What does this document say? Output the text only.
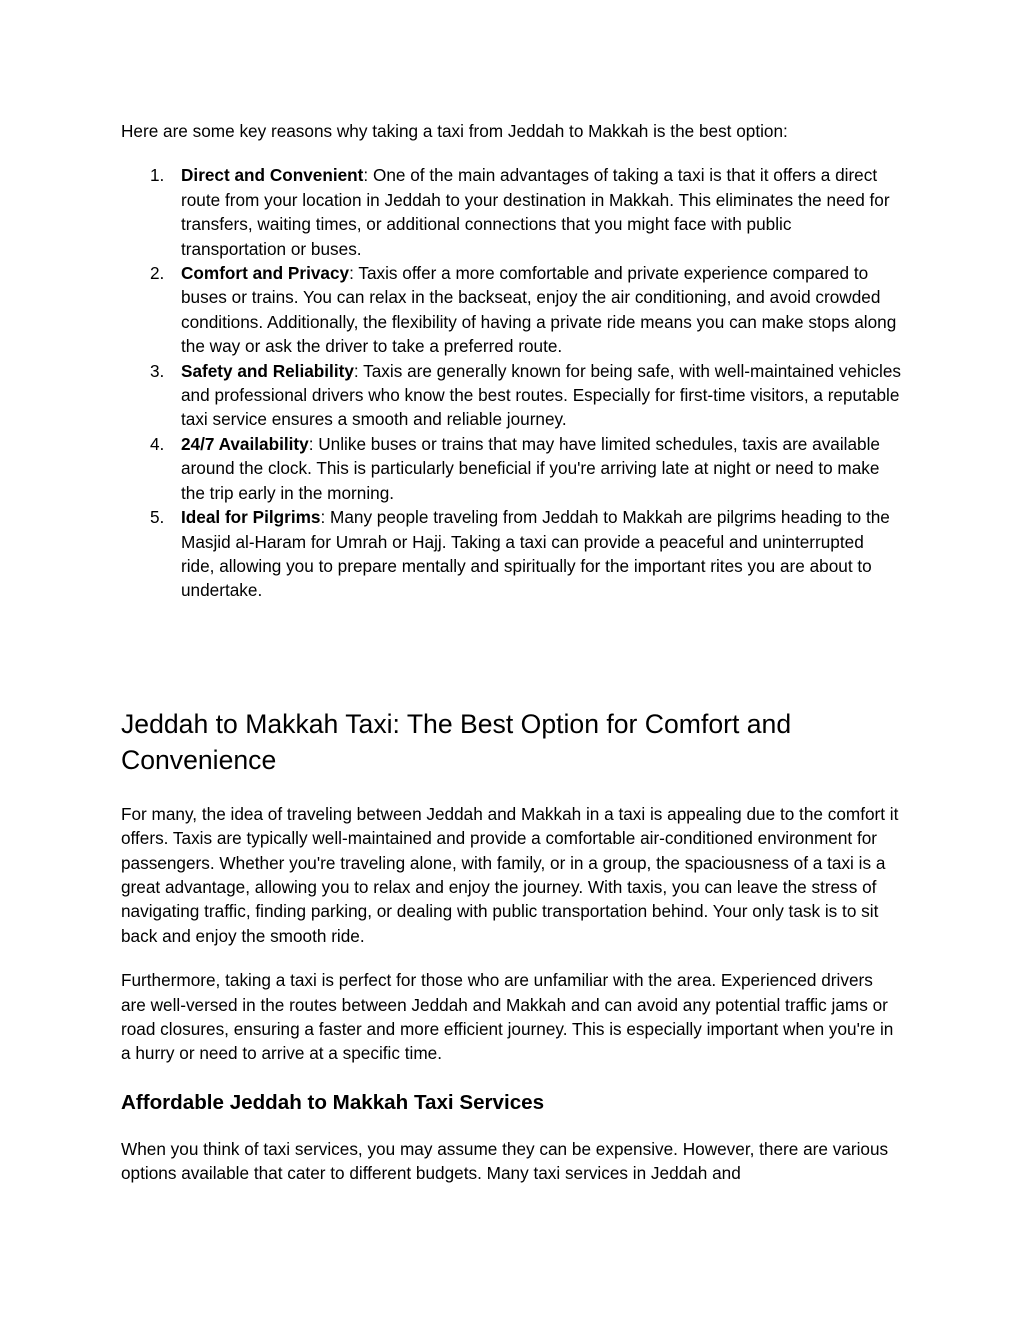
Here are some key reasons why taking a taxi from Jeddah to Makkah is the best option:

1. Direct and Convenient: One of the main advantages of taking a taxi is that it offers a direct route from your location in Jeddah to your destination in Makkah. This eliminates the need for transfers, waiting times, or additional connections that you might face with public transportation or buses.
2. Comfort and Privacy: Taxis offer a more comfortable and private experience compared to buses or trains. You can relax in the backseat, enjoy the air conditioning, and avoid crowded conditions. Additionally, the flexibility of having a private ride means you can make stops along the way or ask the driver to take a preferred route.
3. Safety and Reliability: Taxis are generally known for being safe, with well-maintained vehicles and professional drivers who know the best routes. Especially for first-time visitors, a reputable taxi service ensures a smooth and reliable journey.
4. 24/7 Availability: Unlike buses or trains that may have limited schedules, taxis are available around the clock. This is particularly beneficial if you're arriving late at night or need to make the trip early in the morning.
5. Ideal for Pilgrims: Many people traveling from Jeddah to Makkah are pilgrims heading to the Masjid al-Haram for Umrah or Hajj. Taking a taxi can provide a peaceful and uninterrupted ride, allowing you to prepare mentally and spiritually for the important rites you are about to undertake.
Jeddah to Makkah Taxi: The Best Option for Comfort and Convenience

For many, the idea of traveling between Jeddah and Makkah in a taxi is appealing due to the comfort it offers. Taxis are typically well-maintained and provide a comfortable air-conditioned environment for passengers. Whether you're traveling alone, with family, or in a group, the spaciousness of a taxi is a great advantage, allowing you to relax and enjoy the journey. With taxis, you can leave the stress of navigating traffic, finding parking, or dealing with public transportation behind. Your only task is to sit back and enjoy the smooth ride.

Furthermore, taking a taxi is perfect for those who are unfamiliar with the area. Experienced drivers are well-versed in the routes between Jeddah and Makkah and can avoid any potential traffic jams or road closures, ensuring a faster and more efficient journey. This is especially important when you're in a hurry or need to arrive at a specific time.

Affordable Jeddah to Makkah Taxi Services

When you think of taxi services, you may assume they can be expensive. However, there are various options available that cater to different budgets. Many taxi services in Jeddah and
